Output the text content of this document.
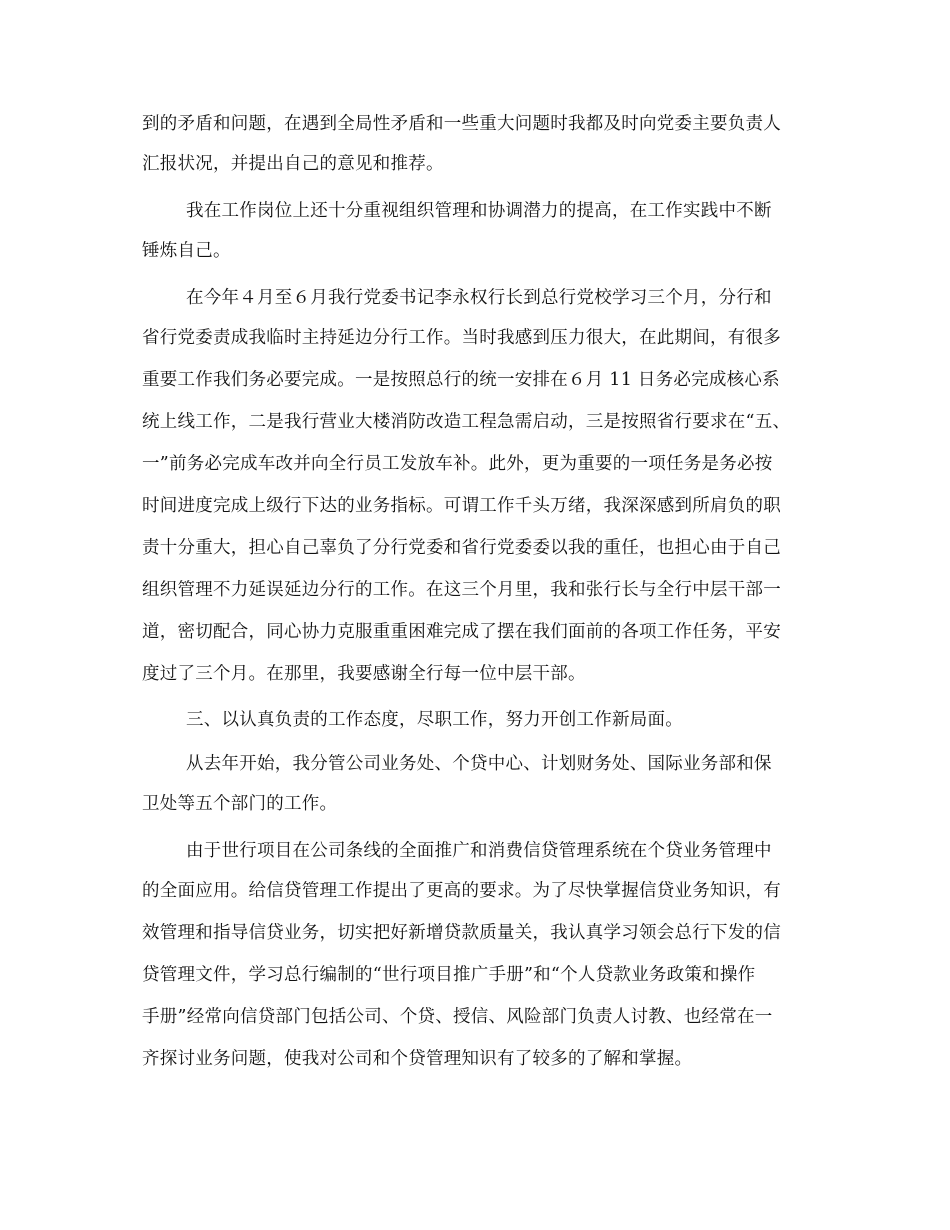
到的矛盾和问题，在遇到全局性矛盾和一些重大问题时我都及时向党委主要负责人
汇报状况，并提出自己的意见和推荐。
我在工作岗位上还十分重视组织管理和协调潜力的提高，在工作实践中不断
锤炼自己。
在今年４月至６月我行党委书记李永权行长到总行党校学习三个月，分行和
省行党委责成我临时主持延边分行工作。当时我感到压力很大，在此期间，有很多
重要工作我们务必要完成。一是按照总行的统一安排在６月 11 日务必完成核心系
统上线工作，二是我行营业大楼消防改造工程急需启动，三是按照省行要求在“五、
一”前务必完成车改并向全行员工发放车补。此外，更为重要的一项任务是务必按
时间进度完成上级行下达的业务指标。可谓工作千头万绪，我深深感到所肩负的职
责十分重大，担心自己辜负了分行党委和省行党委委以我的重任，也担心由于自己
组织管理不力延误延边分行的工作。在这三个月里，我和张行长与全行中层干部一
道，密切配合，同心协力克服重重困难完成了摆在我们面前的各项工作任务，平安
度过了三个月。在那里，我要感谢全行每一位中层干部。
三、以认真负责的工作态度，尽职工作，努力开创工作新局面。
从去年开始，我分管公司业务处、个贷中心、计划财务处、国际业务部和保
卫处等五个部门的工作。
由于世行项目在公司条线的全面推广和消费信贷管理系统在个贷业务管理中
的全面应用。给信贷管理工作提出了更高的要求。为了尽快掌握信贷业务知识，有
效管理和指导信贷业务，切实把好新增贷款质量关，我认真学习领会总行下发的信
贷管理文件，学习总行编制的“世行项目推广手册”和“个人贷款业务政策和操作
手册”经常向信贷部门包括公司、个贷、授信、风险部门负责人讨教、也经常在一
齐探讨业务问题，使我对公司和个贷管理知识有了较多的了解和掌握。
